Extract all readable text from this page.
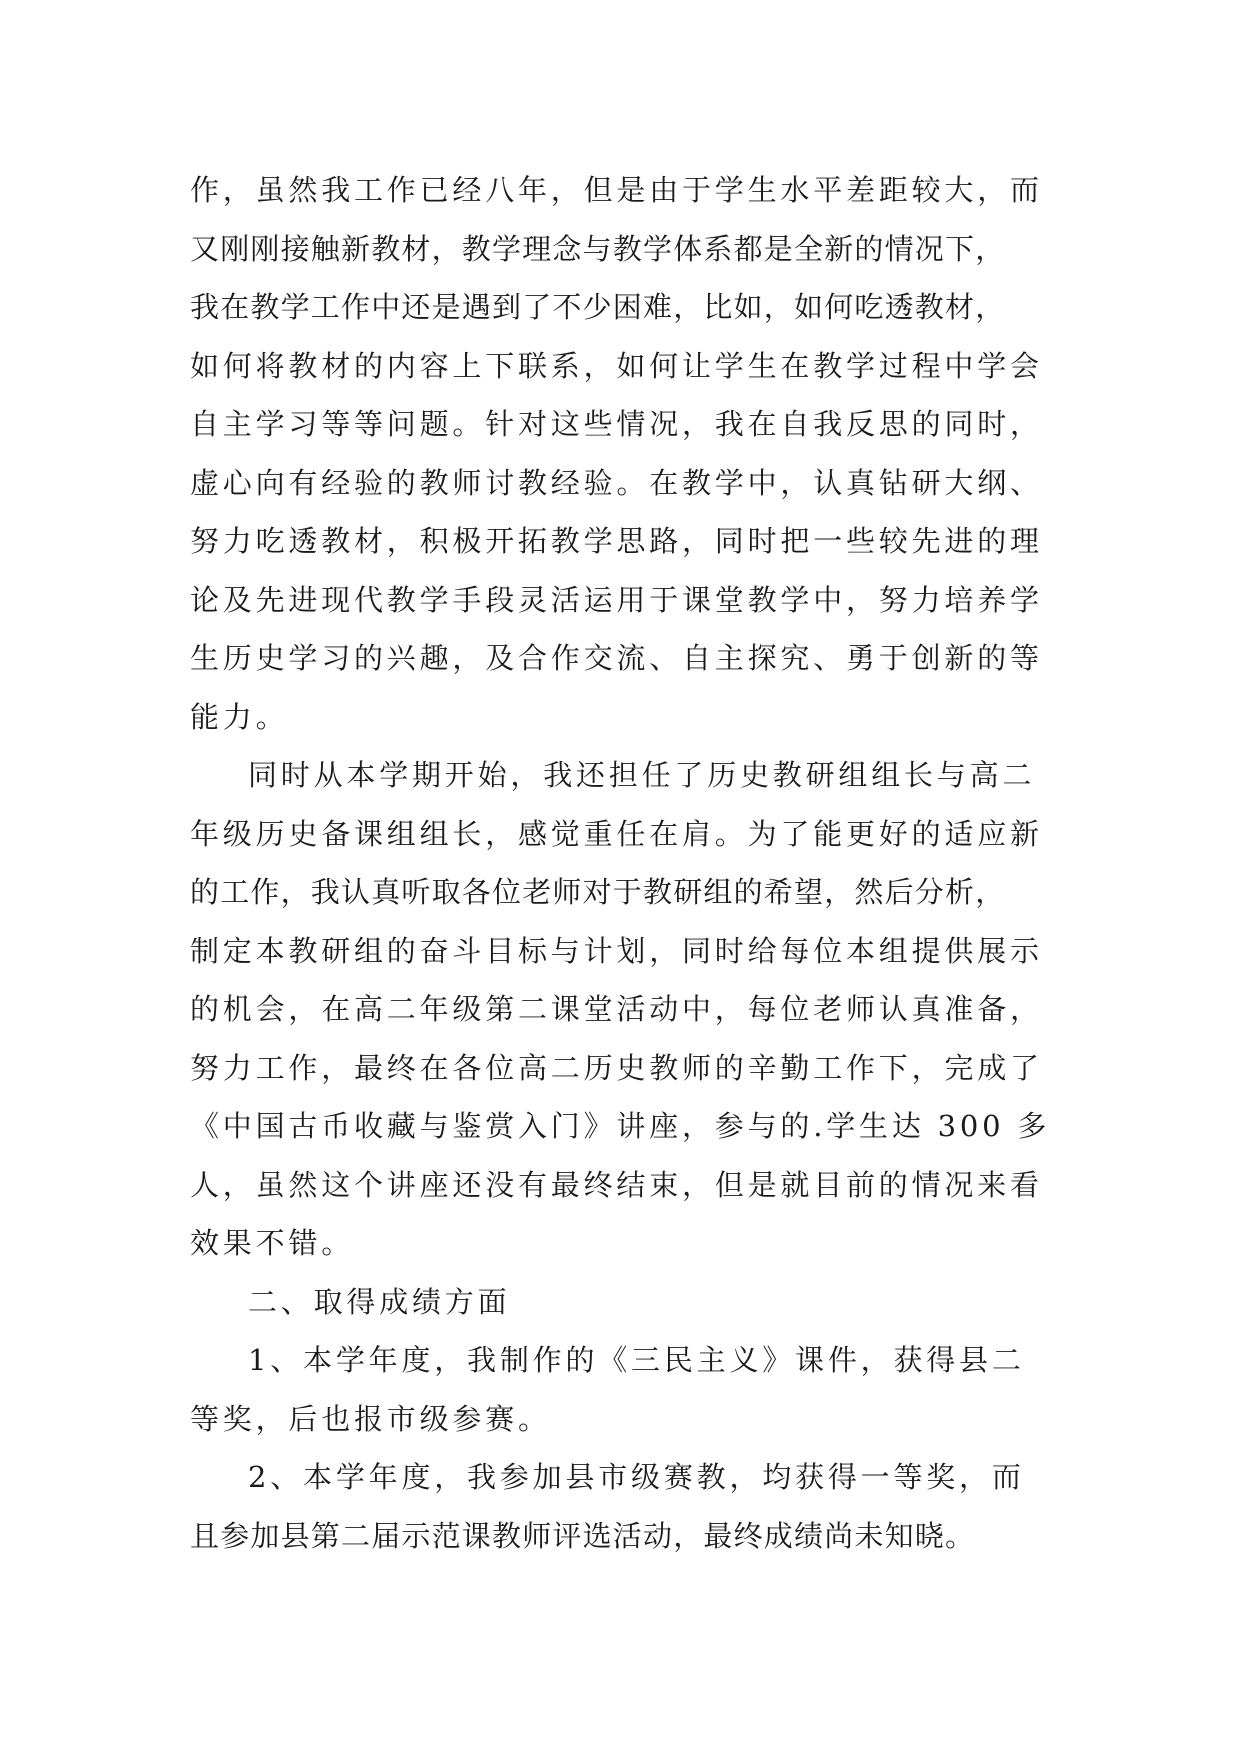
作，虽然我工作已经八年，但是由于学生水平差距较大，而
又刚刚接触新教材，教学理念与教学体系都是全新的情况下，
我在教学工作中还是遇到了不少困难，比如，如何吃透教材，
如何将教材的内容上下联系，如何让学生在教学过程中学会
自主学习等等问题。针对这些情况，我在自我反思的同时，
虚心向有经验的教师讨教经验。在教学中，认真钻研大纲、
努力吃透教材，积极开拓教学思路，同时把一些较先进的理
论及先进现代教学手段灵活运用于课堂教学中，努力培养学
生历史学习的兴趣，及合作交流、自主探究、勇于创新的等
能力。
同时从本学期开始，我还担任了历史教研组组长与高二
年级历史备课组组长，感觉重任在肩。为了能更好的适应新
的工作，我认真听取各位老师对于教研组的希望，然后分析，
制定本教研组的奋斗目标与计划，同时给每位本组提供展示
的机会，在高二年级第二课堂活动中，每位老师认真准备，
努力工作，最终在各位高二历史教师的辛勤工作下，完成了
《中国古币收藏与鉴赏入门》讲座，参与的.学生达 300 多
人，虽然这个讲座还没有最终结束，但是就目前的情况来看
效果不错。
二、取得成绩方面
1、本学年度，我制作的《三民主义》课件，获得县二
等奖，后也报市级参赛。
2、本学年度，我参加县市级赛教，均获得一等奖，而
且参加县第二届示范课教师评选活动，最终成绩尚未知晓。
